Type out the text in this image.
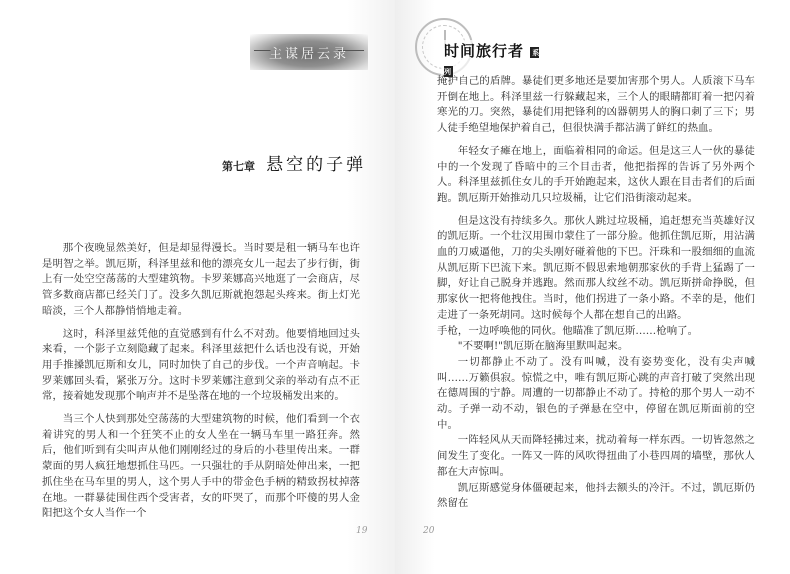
主谋居云录
第七章 悬空的子弹

那个夜晚显然美好，但是却显得漫长。当时要是租一辆马车也许是明智之举。凯厄斯，科泽里兹和他的漂亮女儿一起去了步行街，街上有一处空空荡荡的大型建筑物。卡罗莱娜高兴地逛了一会商店，尽管多数商店都已经关门了。没多久凯厄斯就抱怨起头疼来。街上灯光暗淡，三个人都静悄悄地走着。

这时，科泽里兹凭他的直觉感到有什么不对劲。他要悄地回过头来看，一个影子立刻隐藏了起来。科泽里兹把什么话也没有说，开始用手推搡凯厄斯和女儿，同时加快了自己的步伐。一个声音响起。卡罗莱娜回头看，紧张万分。这时卡罗莱娜注意到父亲的举动有点不正常，接着她发现那个响声并不是坠落在地的一个垃圾桶发出来的。

当三个人快到那处空荡荡的大型建筑物的时候，他们看到一个衣着讲究的男人和一个狂笑不止的女人坐在一辆马车里一路狂奔。然后，他们听到有尖叫声从他们刚刚经过的身后的小巷里传出来。一群蒙面的男人疯狂地想抓住马匹。一只强壮的手从阴暗处伸出来，一把抓住坐在马车里的男人，这个男人手中的带金色手柄的精致拐杖掉落在地。一群暴徒围住西个受害者，女的吓哭了，而那个吓傻的男人金阳把这个女人当作一个

19
时间旅行者 系列

掩护自己的盾牌。暴徒们更多地还是要加害那个男人。人质滚下马车开倒在地上。科泽里兹一行躲藏起来，三个人的眼睛都盯着一把闪着寒光的刀。突然，暴徒们用把锋利的凶器朝男人的胸口刺了三下；男人徒手绝望地保护着自己，但很快满手都沾满了鲜红的热血。

年轻女子瘫在地上，面临着相同的命运。但是这三人一伙的暴徒中的一个发现了昏暗中的三个目击者，他把指挥的告诉了另外两个人。科泽里兹抓住女儿的手开始跑起来，这伙人跟在目击者们的后面跑。凯厄斯开始推动几只垃圾桶，让它们沿街滚动起来。

但是这没有持续多久。那伙人跳过垃圾桶，追赶想充当英雄好汉的凯厄斯。一个壮汉用围巾蒙住了一部分脸。他抓住凯厄斯，用沾满血的刀威逼他，刀的尖头刚好碰着他的下巴。汗珠和一股细细的血流从凯厄斯下巴流下来。凯厄斯不假思索地朝那家伙的手背上猛踢了一脚，好让自己脱身并逃跑。然而那人纹丝不动。凯厄斯拼命挣脱，但那家伙一把将他拽住。当时，他们拐进了一条小路。不幸的是，他们走进了一条死胡同。这时候每个人都在想自己的出路。

手枪，一边呼唤他的同伙。他瞄准了凯厄斯……枪响了。

"不要啊!"凯厄斯在脑海里默叫起来。

一切都静止不动了。没有叫喊，没有姿势变化，没有尖声喊叫……万籁俱寂。惊慌之中，唯有凯厄斯心跳的声音打破了突然出现在德周围的宁静。周遭的一切都静止不动了。持枪的那个男人一动不动。子弹一动不动，银色的子弹悬在空中，停留在凯厄斯面前的空中。

一阵轻风从天而降轻拂过来，扰动着每一样东西。一切皆忽然之间发生了变化。一阵又一阵的风吹得扭曲了小巷四周的墙壁，那伙人都在大声惊叫。

凯厄斯感觉身体僵硬起来，他抖去额头的冷汗。不过，凯厄斯仍然留在

20
